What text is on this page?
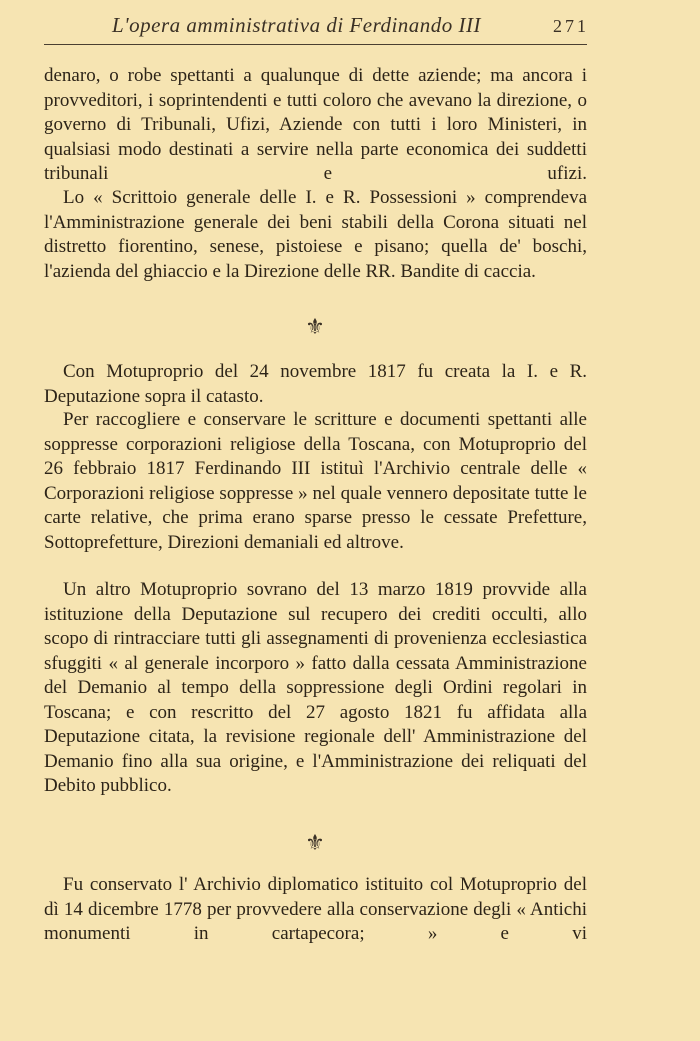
L'opera amministrativa di Ferdinando III	271
denaro, o robe spettanti a qualunque di dette aziende; ma ancora i provveditori, i soprintendenti e tutti coloro che avevano la direzione, o governo di Tribunali, Ufizi, Aziende con tutti i loro Ministeri, in qualsiasi modo destinati a servire nella parte economica dei suddetti tribunali e ufizi.
Lo « Scrittoio generale delle I. e R. Possessioni » comprendeva l'Amministrazione generale dei beni stabili della Corona situati nel distretto fiorentino, senese, pistoiese e pisano; quella de' boschi, l'azienda del ghiaccio e la Direzione delle RR. Bandite di caccia.
⚜
Con Motuproprio del 24 novembre 1817 fu creata la I. e R. Deputazione sopra il catasto.
Per raccogliere e conservare le scritture e documenti spettanti alle soppresse corporazioni religiose della Toscana, con Motuproprio del 26 febbraio 1817 Ferdinando III istituì l'Archivio centrale delle « Corporazioni religiose soppresse » nel quale vennero depositate tutte le carte relative, che prima erano sparse presso le cessate Prefetture, Sottoprefetture, Direzioni demaniali ed altrove.
Un altro Motuproprio sovrano del 13 marzo 1819 provvide alla istituzione della Deputazione sul recupero dei crediti occulti, allo scopo di rintracciare tutti gli assegnamenti di provenienza ecclesiastica sfuggiti « al generale incorporo » fatto dalla cessata Amministrazione del Demanio al tempo della soppressione degli Ordini regolari in Toscana; e con rescritto del 27 agosto 1821 fu affidata alla Deputazione citata, la revisione regionale dell' Amministrazione del Demanio fino alla sua origine, e l'Amministrazione dei reliquati del Debito pubblico.
⚜
Fu conservato l' Archivio diplomatico istituito col Motuproprio del dì 14 dicembre 1778 per provvedere alla conservazione degli « Antichi monumenti in cartapecora; » e vi
